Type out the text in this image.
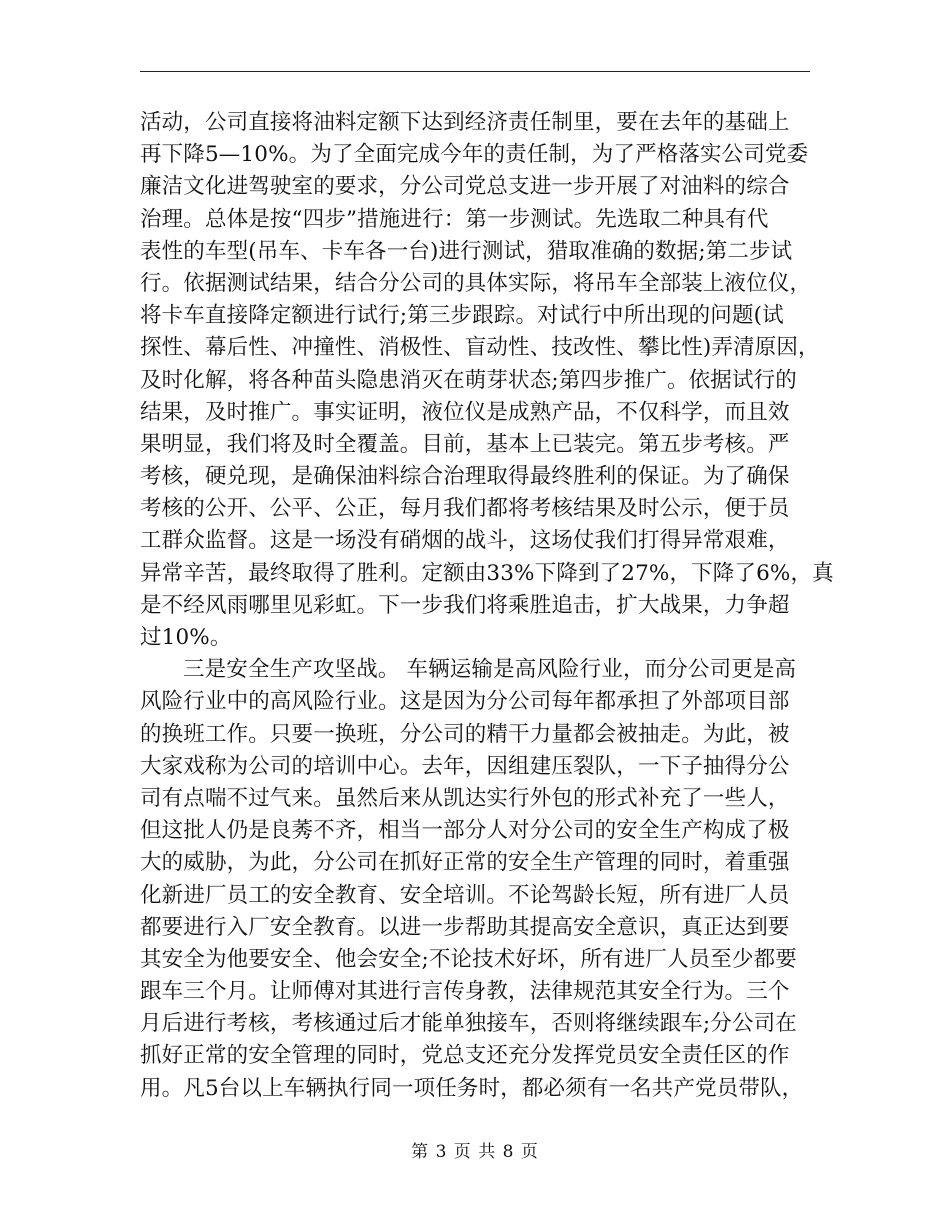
活动，公司直接将油料定额下达到经济责任制里，要在去年的基础上
再下降5—10%。为了全面完成今年的责任制，为了严格落实公司党委
廉洁文化进驾驶室的要求，分公司党总支进一步开展了对油料的综合
治理。总体是按“四步”措施进行：第一步测试。先选取二种具有代
表性的车型(吊车、卡车各一台)进行测试，猎取准确的数据;第二步试
行。依据测试结果，结合分公司的具体实际，将吊车全部装上液位仪，
将卡车直接降定额进行试行;第三步跟踪。对试行中所出现的问题(试
探性、幕后性、冲撞性、消极性、盲动性、技改性、攀比性)弄清原因，
及时化解，将各种苗头隐患消灭在萌芽状态;第四步推广。依据试行的
结果，及时推广。事实证明，液位仪是成熟产品，不仅科学，而且效
果明显，我们将及时全覆盖。目前，基本上已装完。第五步考核。严
考核，硬兑现，是确保油料综合治理取得最终胜利的保证。为了确保
考核的公开、公平、公正，每月我们都将考核结果及时公示，便于员
工群众监督。这是一场没有硝烟的战斗，这场仗我们打得异常艰难，
异常辛苦，最终取得了胜利。定额由33%下降到了27%，下降了6%，真
是不经风雨哪里见彩虹。下一步我们将乘胜追击，扩大战果，力争超
过10%。
三是安全生产攻坚战。 车辆运输是高风险行业，而分公司更是高
风险行业中的高风险行业。这是因为分公司每年都承担了外部项目部
的换班工作。只要一换班，分公司的精干力量都会被抽走。为此，被
大家戏称为公司的培训中心。去年，因组建压裂队，一下子抽得分公
司有点喘不过气来。虽然后来从凯达实行外包的形式补充了一些人，
但这批人仍是良莠不齐，相当一部分人对分公司的安全生产构成了极
大的威胁，为此，分公司在抓好正常的安全生产管理的同时，着重强
化新进厂员工的安全教育、安全培训。不论驾龄长短，所有进厂人员
都要进行入厂安全教育。以进一步帮助其提高安全意识，真正达到要
其安全为他要安全、他会安全;不论技术好坏，所有进厂人员至少都要
跟车三个月。让师傅对其进行言传身教，法律规范其安全行为。三个
月后进行考核，考核通过后才能单独接车，否则将继续跟车;分公司在
抓好正常的安全管理的同时，党总支还充分发挥党员安全责任区的作
用。凡5台以上车辆执行同一项任务时，都必须有一名共产党员带队，
第 3 页 共 8 页
